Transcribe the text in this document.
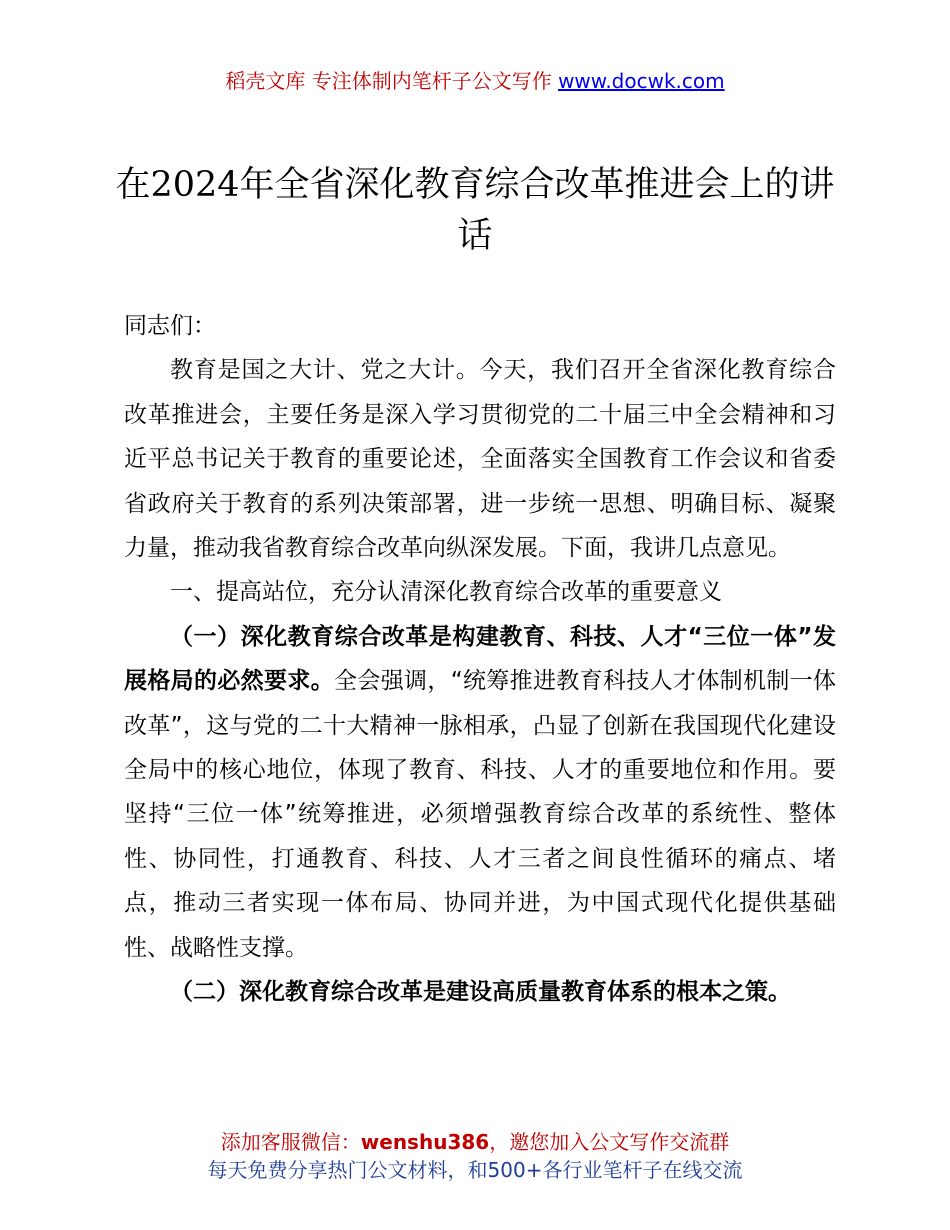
稻壳文库 专注体制内笔杆子公文写作 www.docwk.com
在2024年全省深化教育综合改革推进会上的讲话

同志们：

教育是国之大计、党之大计。今天，我们召开全省深化教育综合改革推进会，主要任务是深入学习贯彻党的二十届三中全会精神和习近平总书记关于教育的重要论述，全面落实全国教育工作会议和省委省政府关于教育的系列决策部署，进一步统一思想、明确目标、凝聚力量，推动我省教育综合改革向纵深发展。下面，我讲几点意见。

一、提高站位，充分认清深化教育综合改革的重要意义

（一）深化教育综合改革是构建教育、科技、人才“三位一体”发展格局的必然要求。全会强调，“统筹推进教育科技人才体制机制一体改革”，这与党的二十大精神一脉相承，凸显了创新在我国现代化建设全局中的核心地位，体现了教育、科技、人才的重要地位和作用。要坚持“三位一体”统筹推进，必须增强教育综合改革的系统性、整体性、协同性，打通教育、科技、人才三者之间良性循环的痛点、堵点，推动三者实现一体布局、协同并进，为中国式现代化提供基础性、战略性支撑。

（二）深化教育综合改革是建设高质量教育体系的根本之策。

添加客服微信：wenshu386，邀您加入公文写作交流群
每天免费分享热门公文材料，和500+各行业笔杆子在线交流
